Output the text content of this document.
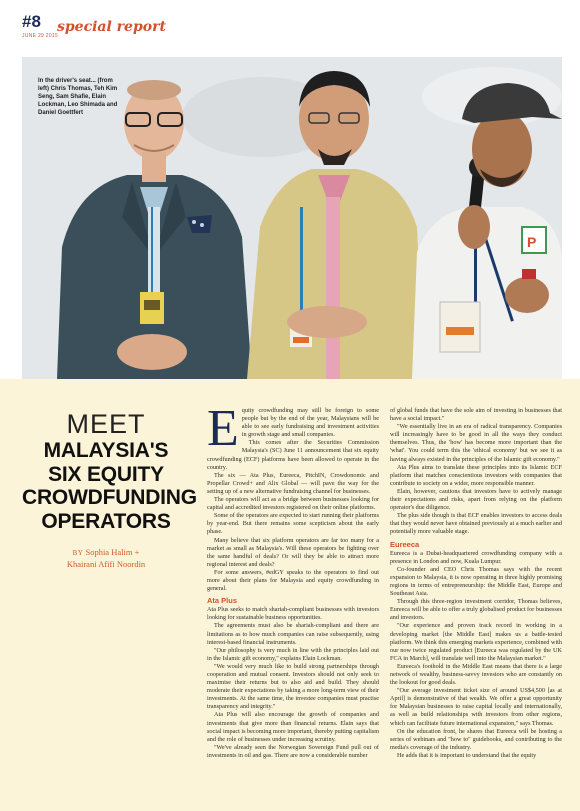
#8
JUNE 29 2015
special report
P
In the driver's seat... (from left) Chris Thomas, Teh Kim Seng, Sam Shafie, Elain Lockman, Leo Shimada and Daniel Goettfert
MEET
MALAYSIA'S
SIX EQUITY
CROWDFUNDING
OPERATORS
BY Sophia Halim +
Khairani Afifi Noordin

Equity crowdfunding may still be foreign to some people but by the end of the year, Malaysians will be able to see early fundraising and investment activities in growth stage and small companies.

This comes after the Securities Commission Malaysia's (SC) June 11 announcement that six equity crowdfunding (ECF) platforms have been allowed to operate in the country.

The six — Ata Plus, Eureeca, PitchIN, Crowdonomic and Propellar Crowd+ and Alix Global — will pave the way for the setting up of a new alternative fundraising channel for businesses.

The operators will act as a bridge between businesses looking for capital and accredited investors registered on their online platforms.

Some of the operators are expected to start running their platforms by year-end. But there remains some scepticism about the early phase.

Many believe that six platform operators are far too many for a market as small as Malaysia's. Will these operators be fighting over the same handful of deals? Or will they be able to attract more regional interest and deals?

For some answers, #edGY speaks to the operators to find out more about their plans for Malaysia and equity crowdfunding in general.

Ata Plus

Ata Plus seeks to match shariah-compliant businesses with investors looking for sustainable business opportunities.

The agreements must also be shariah-compliant and there are limitations as to how much companies can raise subsequently, using interest-based financial instruments.

"Our philosophy is very much in line with the principles laid out in the Islamic gift economy," explains Elain Lockman.

"We would very much like to build strong partnerships through cooperation and mutual consent. Investors should not only seek to maximise their returns but to also aid and build. They should moderate their expectations by taking a more long-term view of their investments. At the same time, the investee companies must practise transparency and integrity."

Ata Plus will also encourage the growth of companies and investments that give more than financial returns. Elain says that social impact is becoming more important, thereby putting capitalism and the role of businesses under increasing scrutiny.

"We've already seen the Norwegian Sovereign Fund pull out of investments in oil and gas. There are now a considerable number

of global funds that have the sole aim of investing in businesses that have a social impact."

"We essentially live in an era of radical transparency. Companies will increasingly have to be good in all the ways they conduct themselves. Thus, the 'how' has become more important than the 'what'. You could term this the 'ethical economy' but we see it as having always existed in the principles of the Islamic gift economy."

Ata Plus aims to translate these principles into its Islamic ECF platform that matches conscientious investors with companies that contribute to society on a wider, more responsible manner.

Elain, however, cautions that investors have to actively manage their expectations and risks, apart from relying on the platform operator's due diligence.

The plus side though is that ECF enables investors to access deals that they would never have obtained previously at a much earlier and potentially more valuable stage.

Eureeca

Eureeca is a Dubai-headquartered crowdfunding company with a presence in London and now, Kuala Lumpur.

Co-founder and CEO Chris Thomas says with the recent expansion to Malaysia, it is now operating in three highly promising regions in terms of entrepreneurship: the Middle East, Europe and Southeast Asia.

Through this three-region investment corridor, Thomas believes, Eureeca will be able to offer a truly globalised product for businesses and investors.

"Our experience and proven track record in working in a developing market [the Middle East] makes us a battle-tested platform. We think this emerging markets experience, combined with our now twice regulated product [Eureeca was regulated by the UK FCA in March], will translate well into the Malaysian market."

Eureeca's foothold in the Middle East means that there is a large network of wealthy, business-savvy investors who are constantly on the lookout for good deals.

"Our average investment ticket size of around US$4,500 [as at April] is demonstrative of that wealth. We offer a great opportunity for Malaysian businesses to raise capital locally and internationally, as well as build relationships with investors from other regions, which can facilitate future international expansion," says Thomas.

On the education front, he shares that Eureeca will be hosting a series of webinars and "how to" guidebooks, and contributing to the media's coverage of the industry.

He adds that it is important to understand that the equity
